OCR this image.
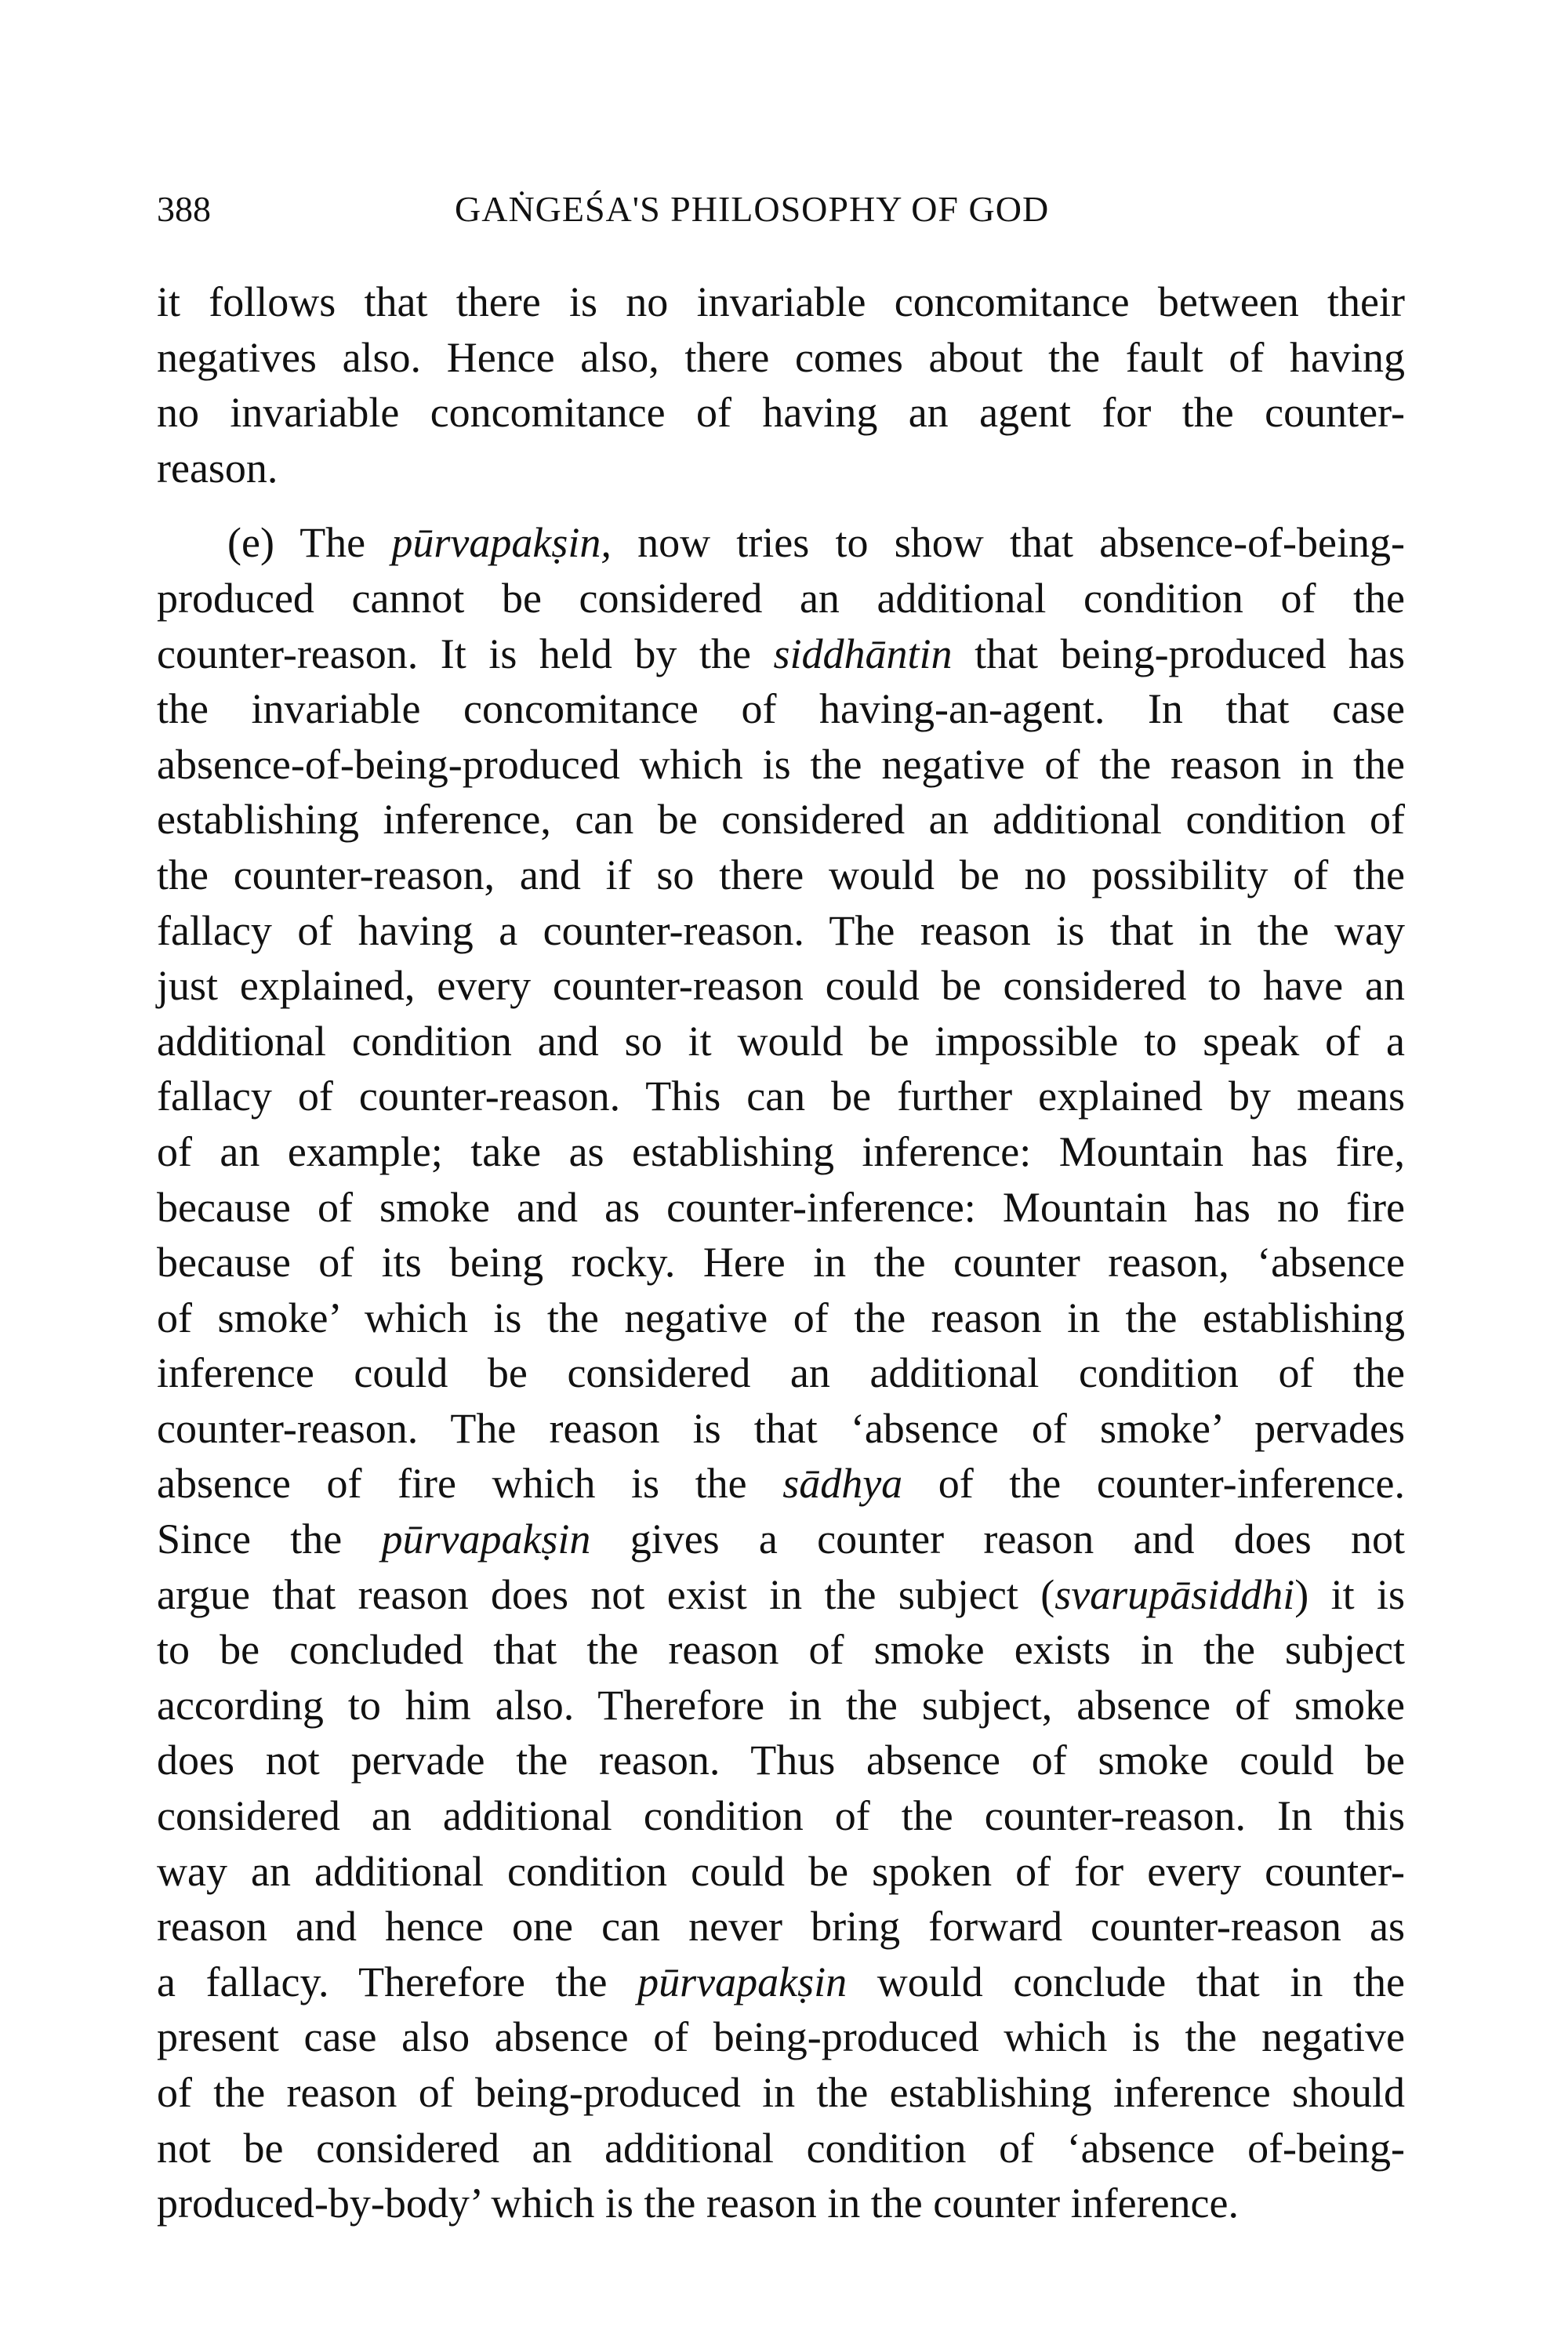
388	GAṄGEŚA'S PHILOSOPHY OF GOD
it follows that there is no invariable concomitance between their
negatives also. Hence also, there comes about the fault of having
no invariable concomitance of having an agent for the counter-
reason.
(e) The pūrvapakṣin, now tries to show that absence-of-being-
produced cannot be considered an additional condition of the
counter-reason. It is held by the siddhāntin that being-produced has
the invariable concomitance of having-an-agent. In that case
absence-of-being-produced which is the negative of the reason in the
establishing inference, can be considered an additional condition of
the counter-reason, and if so there would be no possibility of the
fallacy of having a counter-reason. The reason is that in the way
just explained, every counter-reason could be considered to have an
additional condition and so it would be impossible to speak of a
fallacy of counter-reason. This can be further explained by means
of an example; take as establishing inference: Mountain has fire,
because of smoke and as counter-inference: Mountain has no fire
because of its being rocky. Here in the counter reason, ‘absence
of smoke’ which is the negative of the reason in the establishing
inference could be considered an additional condition of the
counter-reason. The reason is that ‘absence of smoke’ pervades
absence of fire which is the sādhya of the counter-inference.
Since the pūrvapakṣin gives a counter reason and does not
argue that reason does not exist in the subject (svarupāsiddhi) it is
to be concluded that the reason of smoke exists in the subject
according to him also. Therefore in the subject, absence of smoke
does not pervade the reason. Thus absence of smoke could be
considered an additional condition of the counter-reason. In this
way an additional condition could be spoken of for every counter-
reason and hence one can never bring forward counter-reason as
a fallacy. Therefore the pūrvapakṣin would conclude that in the
present case also absence of being-produced which is the negative
of the reason of being-produced in the establishing inference should
not be considered an additional condition of ‘absence of-being-
produced-by-body’ which is the reason in the counter inference.
